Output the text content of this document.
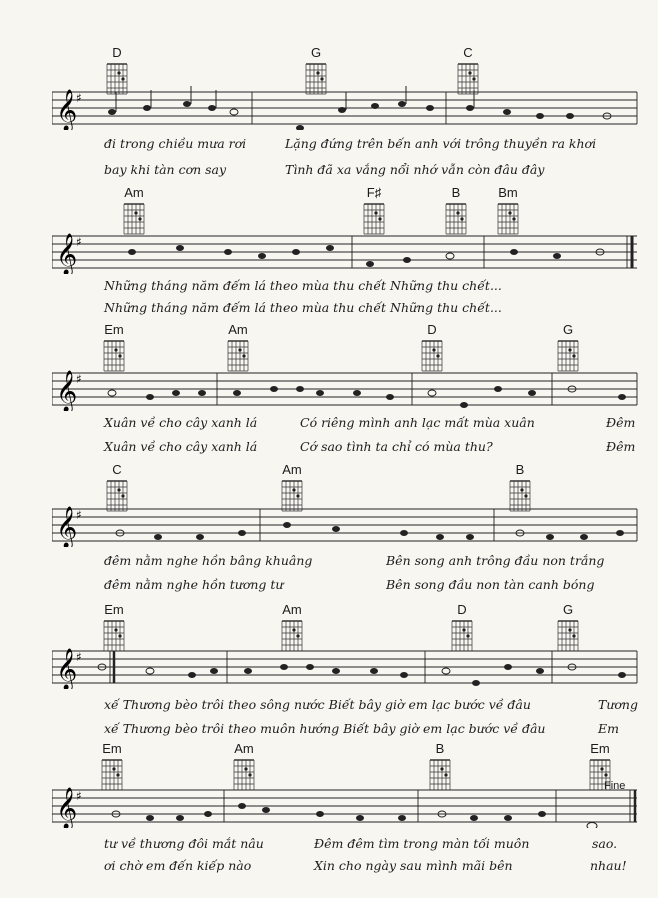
D	G	C
𝄞
♯
đi trong chiều mưa rơi	Lặng đứng trên bến anh với trông thuyền ra khơi
bay khi tàn cơn say	Tình đã xa vắng nổi nhớ vẫn còn đâu đây
Am	F♯	B	Bm
𝄞
♯
Những tháng năm đếm lá theo mùa thu chết Những thu chết...
Những tháng năm đếm lá theo mùa thu chết Những thu chết...
Em	Am	D	G
𝄞
♯
Xuân về cho cây xanh lá	Có riêng mình anh lạc mất mùa xuân	Đêm
Xuân về cho cây xanh lá	Cớ sao tình ta chỉ có mùa thu?	Đêm
C	Am	B
𝄞
♯
đêm nằm nghe hồn bâng khuâng	Bên song anh trông đầu non trắng
đêm nằm nghe hồn tương tư	Bên song đầu non tàn canh bóng
Em	Am	D	G
𝄞
♯
xế Thương bèo trôi theo sông nước Biết bây giờ em lạc bước về đâu	Tương
xế Thương bèo trôi theo muôn hướng Biết bây giờ em lạc bước về đâu	Em
Em	Am	B	Em
Fine
𝄞
♯
tư về thương đôi mắt nâu	Đêm đêm tìm trong màn tối muôn	sao.
ơi chờ em đến kiếp nào	Xin cho ngày sau mình mãi bên	nhau!
